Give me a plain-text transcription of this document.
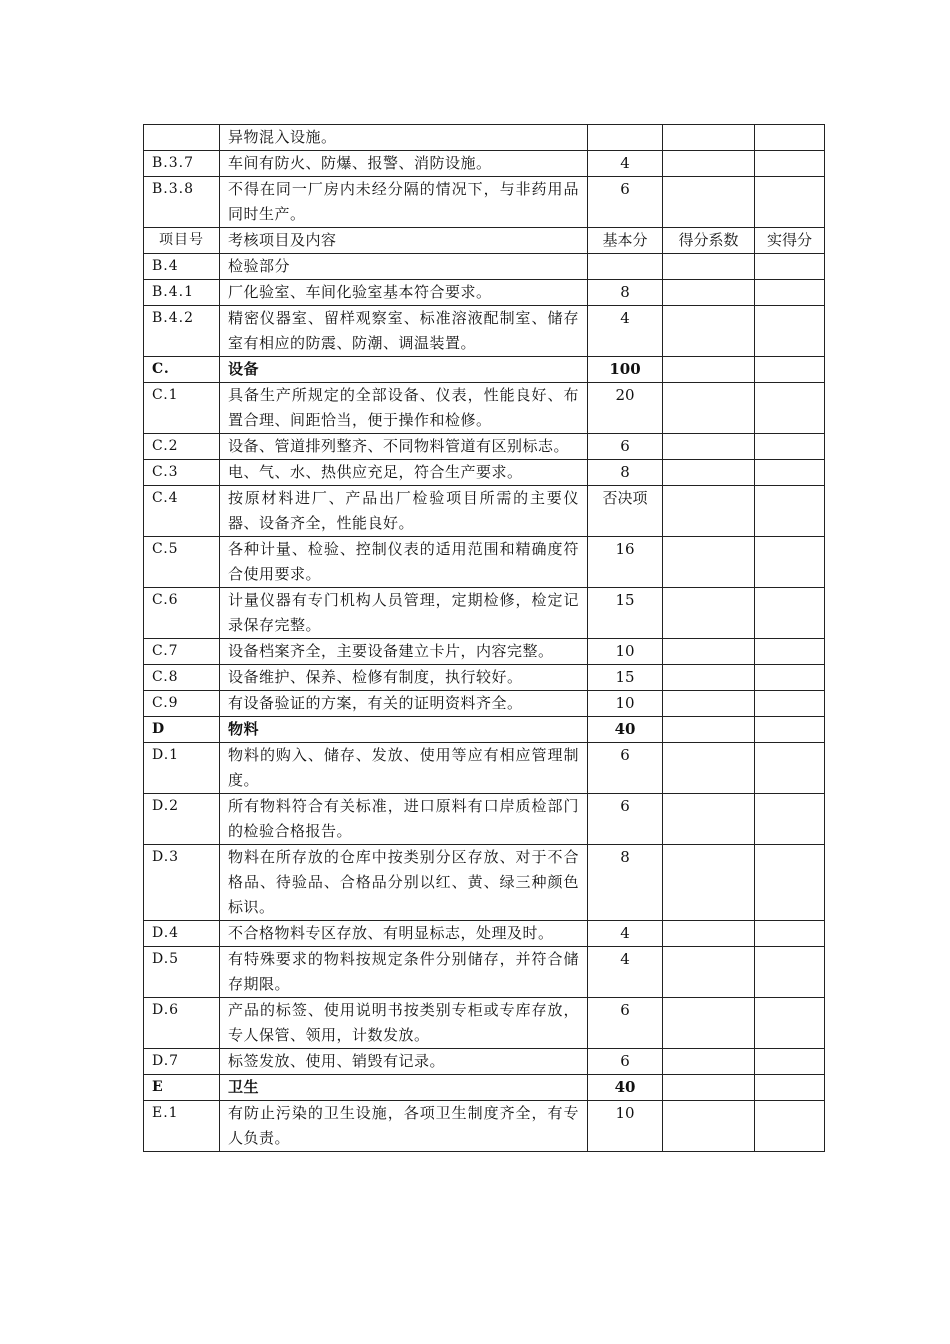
	异物混入设施。			
B.3.7	车间有防火、防爆、报警、消防设施。	4		
B.3.8	不得在同一厂房内未经分隔的情况下，与非药用品同时生产。	6		
项目号	考核项目及内容	基本分	得分系数	实得分
B.4	检验部分			
B.4.1	厂化验室、车间化验室基本符合要求。	8		
B.4.2	精密仪器室、留样观察室、标准溶液配制室、储存室有相应的防震、防潮、调温装置。	4		
C.	设备	100		
C.1	具备生产所规定的全部设备、仪表，性能良好、布置合理、间距恰当，便于操作和检修。	20		
C.2	设备、管道排列整齐、不同物料管道有区别标志。	6		
C.3	电、气、水、热供应充足，符合生产要求。	8		
C.4	按原材料进厂、产品出厂检验项目所需的主要仪器、设备齐全，性能良好。	否决项		
C.5	各种计量、检验、控制仪表的适用范围和精确度符合使用要求。	16		
C.6	计量仪器有专门机构人员管理，定期检修，检定记录保存完整。	15		
C.7	设备档案齐全，主要设备建立卡片，内容完整。	10		
C.8	设备维护、保养、检修有制度，执行较好。	15		
C.9	有设备验证的方案，有关的证明资料齐全。	10		
D	物料	40		
D.1	物料的购入、储存、发放、使用等应有相应管理制度。	6		
D.2	所有物料符合有关标准，进口原料有口岸质检部门的检验合格报告。	6		
D.3	物料在所存放的仓库中按类别分区存放、对于不合格品、待验品、合格品分别以红、黄、绿三种颜色标识。	8		
D.4	不合格物料专区存放、有明显标志，处理及时。	4		
D.5	有特殊要求的物料按规定条件分别储存，并符合储存期限。	4		
D.6	产品的标签、使用说明书按类别专柜或专库存放，专人保管、领用，计数发放。	6		
D.7	标签发放、使用、销毁有记录。	6		
E	卫生	40		
E.1	有防止污染的卫生设施，各项卫生制度齐全，有专人负责。	10		
